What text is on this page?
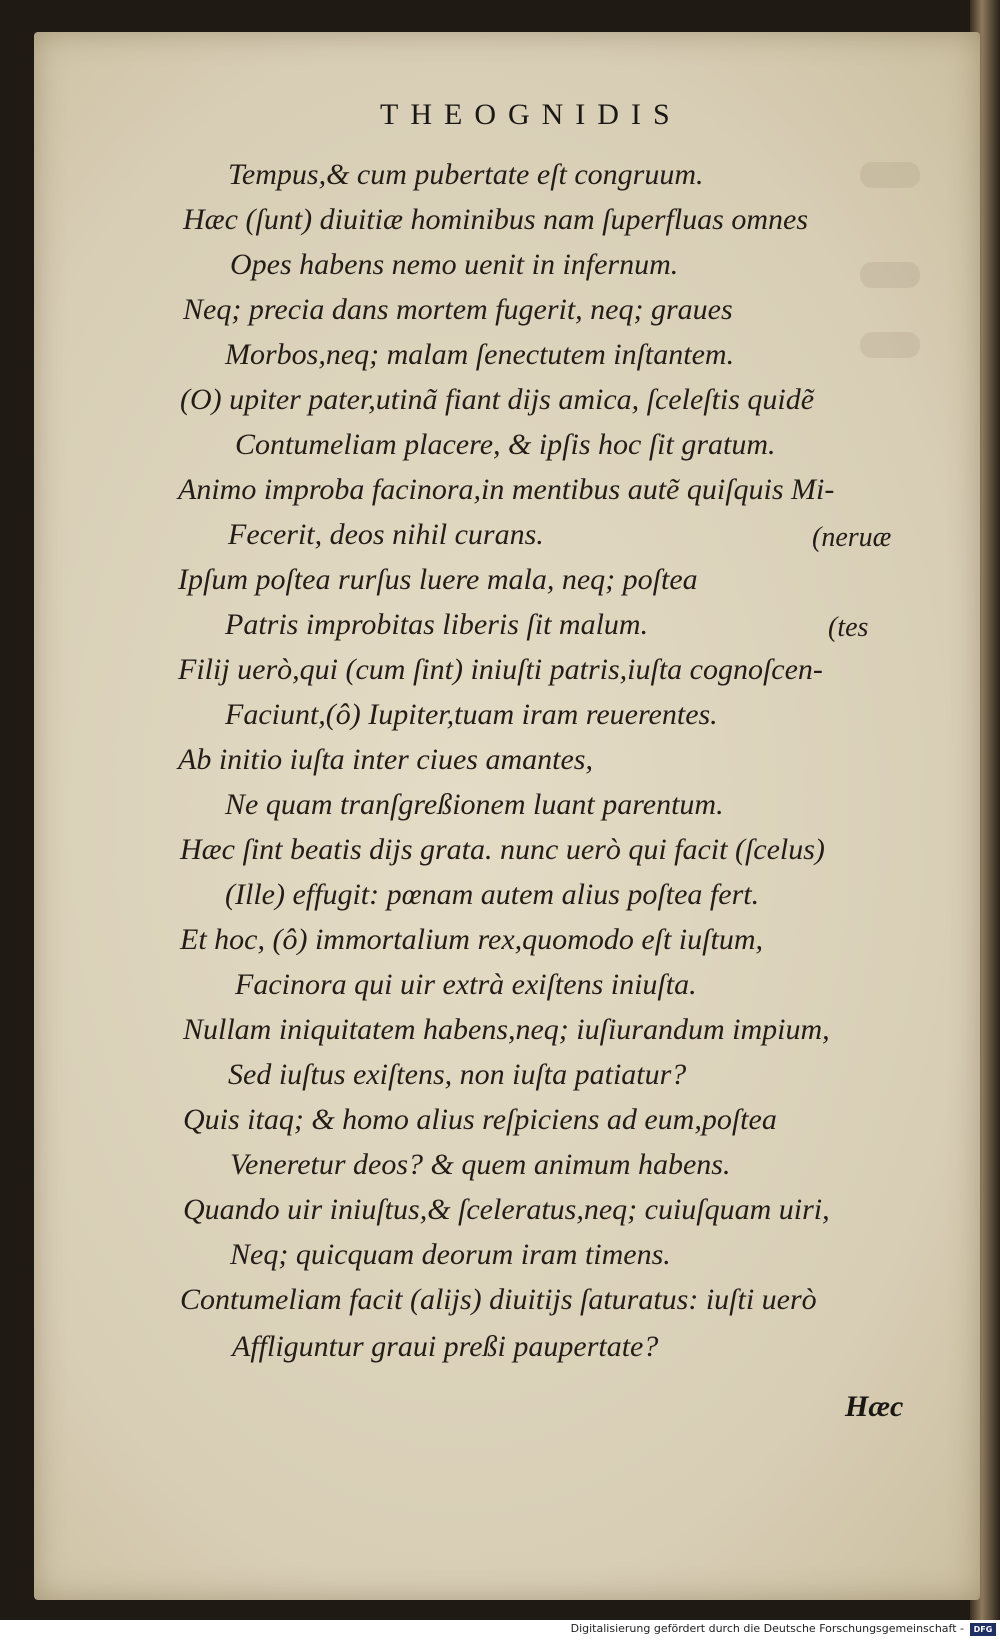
THEOGNIDIS
Tempus,& cum pubertate eſt congruum.
Hæc (ſunt) diuitiæ hominibus nam ſuperfluas omnes
Opes habens nemo uenit in infernum.
Neq; precia dans mortem fugerit, neq; graues
Morbos,neq; malam ſenectutem inſtantem.
(O) upiter pater,utinã fiant dijs amica, ſceleſtis quidẽ
Contumeliam placere, & ipſis hoc ſit gratum.
Animo improba facinora,in mentibus autẽ quiſquis Mi-
Fecerit, deos nihil curans.	(neruæ
Ipſum poſtea rurſus luere mala, neq; poſtea
Patris improbitas liberis ſit malum.	(tes
Filij uerò,qui (cum ſint) iniuſti patris,iuſta cognoſcen-
Faciunt,(ô) Iupiter,tuam iram reuerentes.
Ab initio iuſta inter ciues amantes,
Ne quam tranſgreßionem luant parentum.
Hæc ſint beatis dijs grata. nunc uerò qui facit (ſcelus)
(Ille) effugit: pœnam autem alius poſtea fert.
Et hoc, (ô) immortalium rex,quomodo eſt iuſtum,
Facinora qui uir extrà exiſtens iniuſta.
Nullam iniquitatem habens,neq; iuſiurandum impium,
Sed iuſtus exiſtens, non iuſta patiatur?
Quis itaq; & homo alius reſpiciens ad eum,poſtea
Veneretur deos? & quem animum habens.
Quando uir iniuſtus,& ſceleratus,neq; cuiuſquam uiri,
Neq; quicquam deorum iram timens.
Contumeliam facit (alijs) diuitijs ſaturatus: iuſti uerò
Affliguntur graui preßi paupertate?
Hæc
Digitalisierung gefördert durch die Deutsche Forschungsgemeinschaft -	DFG
